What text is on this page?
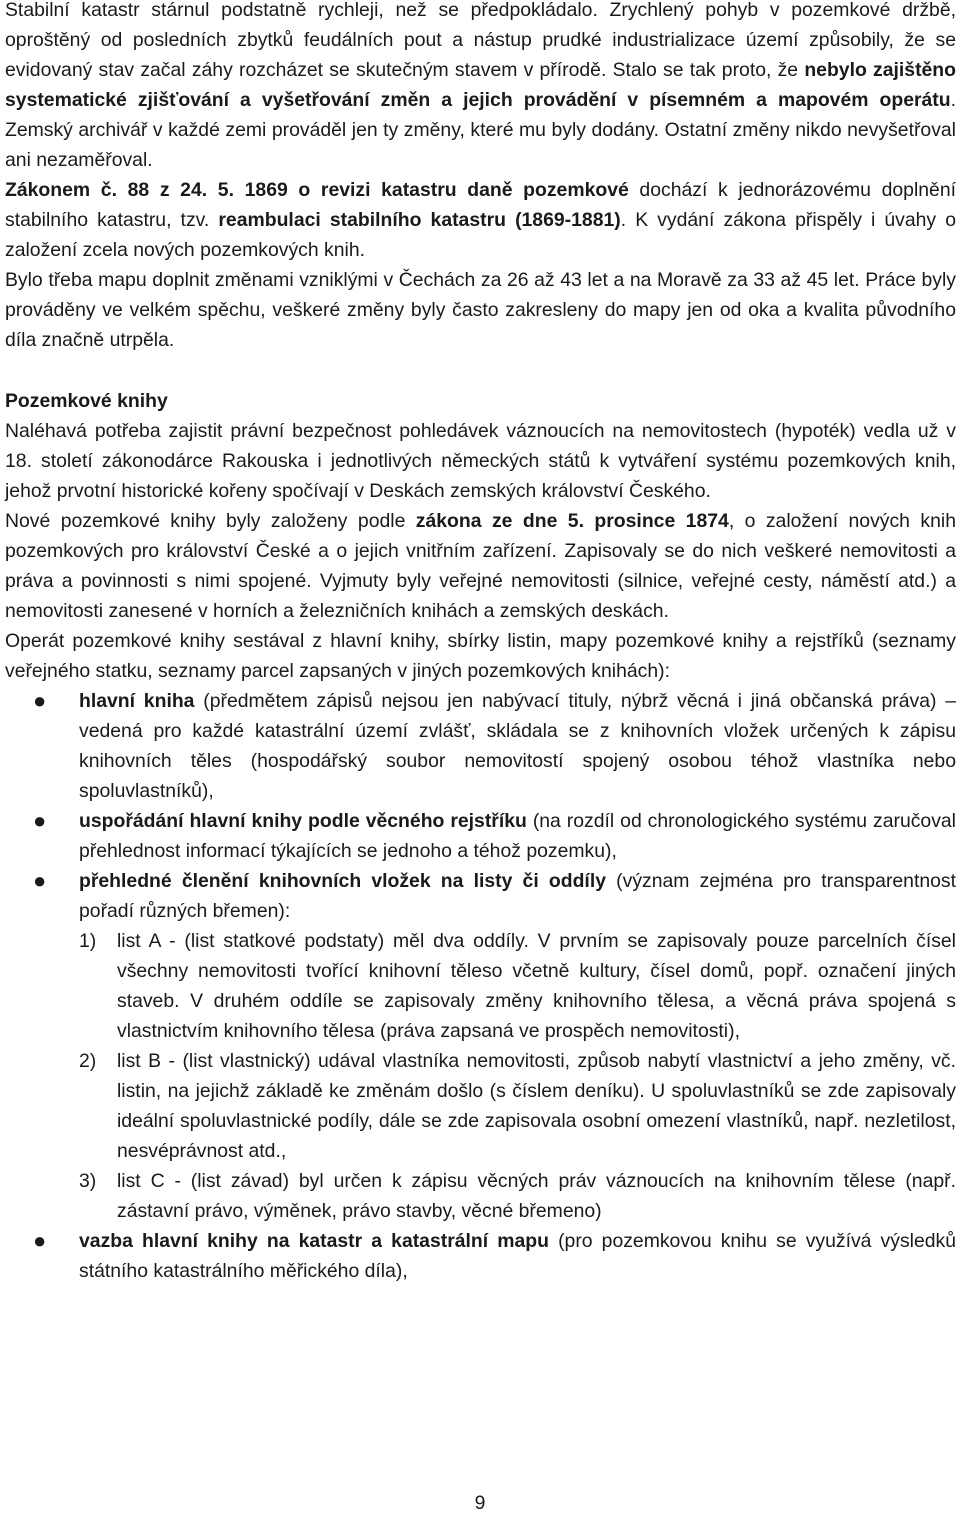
Stabilní katastr stárnul podstatně rychleji, než se předpokládalo. Zrychlený pohyb v pozemkové držbě, oproštěný od posledních zbytků feudálních pout a nástup prudké industrializace území způsobily, že se evidovaný stav začal záhy rozcházet se skutečným stavem v přírodě. Stalo se tak proto, že nebylo zajištěno systematické zjišťování a vyšetřování změn a jejich provádění v písemném a mapovém operátu. Zemský archivář v každé zemi prováděl jen ty změny, které mu byly dodány. Ostatní změny nikdo nevyšetřoval ani nezaměřoval.

Zákonem č. 88 z 24. 5. 1869 o revizi katastru daně pozemkové dochází k jednorázovému doplnění stabilního katastru, tzv. reambulaci stabilního katastru (1869-1881). K vydání zákona přispěly i úvahy o založení zcela nových pozemkových knih.

Bylo třeba mapu doplnit změnami vzniklými v Čechách za 26 až 43 let a na Moravě za 33 až 45 let. Práce byly prováděny ve velkém spěchu, veškeré změny byly často zakresleny do mapy jen od oka a kvalita původního díla značně utrpěla.

Pozemkové knihy

Naléhavá potřeba zajistit právní bezpečnost pohledávek váznoucích na nemovitostech (hypoték) vedla už v 18. století zákonodárce Rakouska i jednotlivých německých států k vytváření systému pozemkových knih, jehož prvotní historické kořeny spočívají v Deskách zemských království Českého.

Nové pozemkové knihy byly založeny podle zákona ze dne 5. prosince 1874, o založení nových knih pozemkových pro království České a o jejich vnitřním zařízení. Zapisovaly se do nich veškeré nemovitosti a práva a povinnosti s nimi spojené. Vyjmuty byly veřejné nemovitosti (silnice, veřejné cesty, náměstí atd.) a nemovitosti zanesené v horních a železničních knihách a zemských deskách.

Operát pozemkové knihy sestával z hlavní knihy, sbírky listin, mapy pozemkové knihy a rejstříků (seznamy veřejného statku, seznamy parcel zapsaných v jiných pozemkových knihách):

● hlavní kniha (předmětem zápisů nejsou jen nabývací tituly, nýbrž věcná i jiná občanská práva) – vedená pro každé katastrální území zvlášť, skládala se z knihovních vložek určených k zápisu knihovních těles (hospodářský soubor nemovitostí spojený osobou téhož vlastníka nebo spoluvlastníků),
● uspořádání hlavní knihy podle věcného rejstříku (na rozdíl od chronologického systému zaručoval přehlednost informací týkajících se jednoho a téhož pozemku),
● přehledné členění knihovních vložek na listy či oddíly (význam zejména pro transparentnost pořadí různých břemen):
1) list A - (list statkové podstaty) měl dva oddíly. V prvním se zapisovaly pouze parcelních čísel všechny nemovitosti tvořící knihovní těleso včetně kultury, čísel domů, popř. označení jiných staveb. V druhém oddíle se zapisovaly změny knihovního tělesa, a věcná práva spojená s vlastnictvím knihovního tělesa (práva zapsaná ve prospěch nemovitosti),
2) list B - (list vlastnický) udával vlastníka nemovitosti, způsob nabytí vlastnictví a jeho změny, vč. listin, na jejichž základě ke změnám došlo (s číslem deníku). U spoluvlastníků se zde zapisovaly ideální spoluvlastnické podíly, dále se zde zapisovala osobní omezení vlastníků, např. nezletilost, nesvéprávnost atd.,
3) list C - (list závad) byl určen k zápisu věcných práv váznoucích na knihovním tělese (např. zástavní právo, výměnek, právo stavby, věcné břemeno)
● vazba hlavní knihy na katastr a katastrální mapu (pro pozemkovou knihu se využívá výsledků státního katastrálního měřického díla),
9
